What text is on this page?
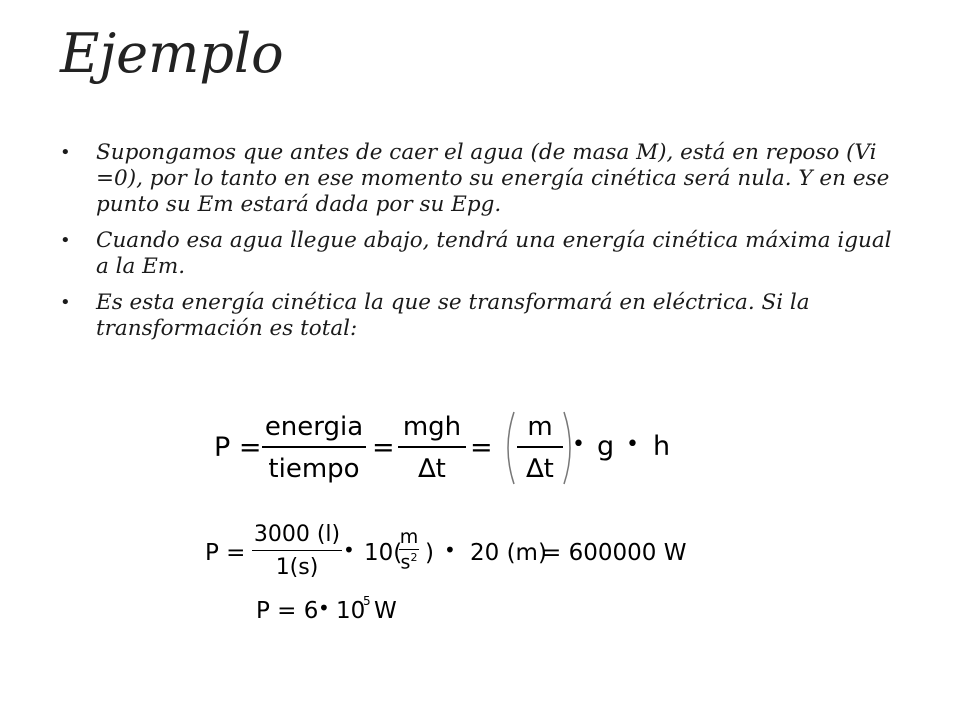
Ejemplo
• Supongamos que antes de caer el agua (de masa M), está en reposo (Vi =0), por lo tanto en ese momento su energía cinética será nula. Y en ese punto su Em estará dada por su Epg.
• Cuando esa agua llegue abajo, tendrá una energía cinética máxima igual a la Em.
• Es esta energía cinética la que se transformará en eléctrica. Si la transformación es total:
P =
energia
tiempo
=
mgh
∆t
=
m
∆t
• g • h
P =
3000 (l)
1(s)
• 10(
m
$s^2$ ) • 20 (m)
= 600000 W
P = 6 • 10
5 W
